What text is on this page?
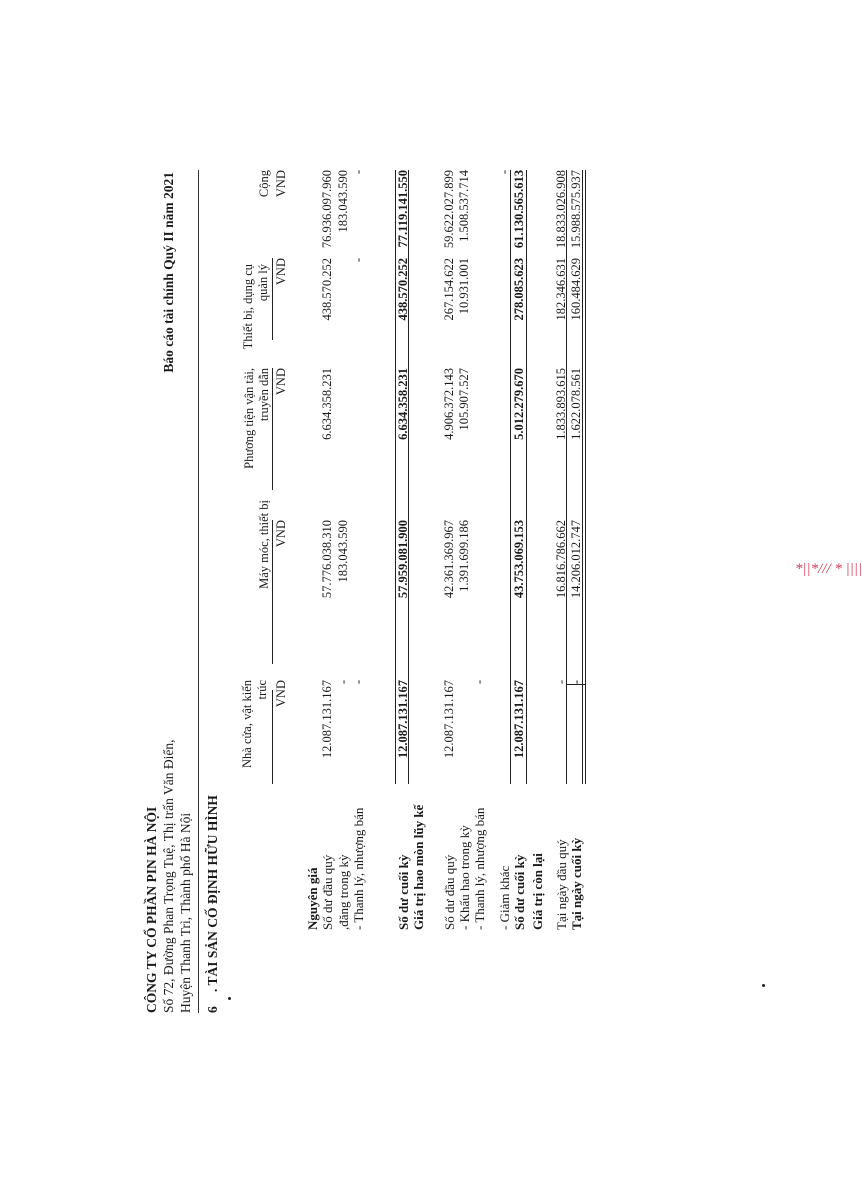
CÔNG TY CỔ PHẦN PIN HÀ NỘI Số 72, Đường Phan Trọng Tuệ, Thị trấn Văn Điển, Huyện Thanh Trì, Thành phố Hà Nội
Báo cáo tài chính Quý II năm 2021
6
. TÀI SẢN CỐ ĐỊNH HỮU HÌNH
Nhà cửa, vật kiến trúc
Máy móc, thiết bị
Phương tiện vận tải, truyền dẫn
Thiết bị, dụng cụ quản lý
Cộng
VND
VND
VND
VND
VND
Nguyên giá Số dư đầu quý ,đăng trong kỳ - Thanh lý, nhượng bán Số dư cuối kỳ Giá trị hao mòn lũy kế Số dư đầu quý - Khấu hao trong kỳ - Thanh lý, nhượng bán - Giảm khác Số dư cuối kỳ Giá trị còn lại Tại ngày đầu quý Tại ngày cuối kỳ
12.087.131.167
57.776.038.310
6.634.358.231
438.570.252
76.936.097.960
-
183.043.590
183.043.590
-
-
-
12.087.131.167
57.959.081.900
6.634.358.231
438.570.252
77.119.141.550
12.087.131.167
42.361.369.967
4.906.372.143
267.154.622
59.622.027.899
1.391.699.186
105.907.527
10.931.001
1.508.537.714
-
-
12.087.131.167
43.753.069.153
5.012.279.670
278.085.623
61.130.565.613
-
16.816.786.662
1.833.893.615
182.346.631
18.833.026.908
-
14.206.012.747
1.622.078.561
160.484.629
15.988.575.937
*||*/// * ||||
